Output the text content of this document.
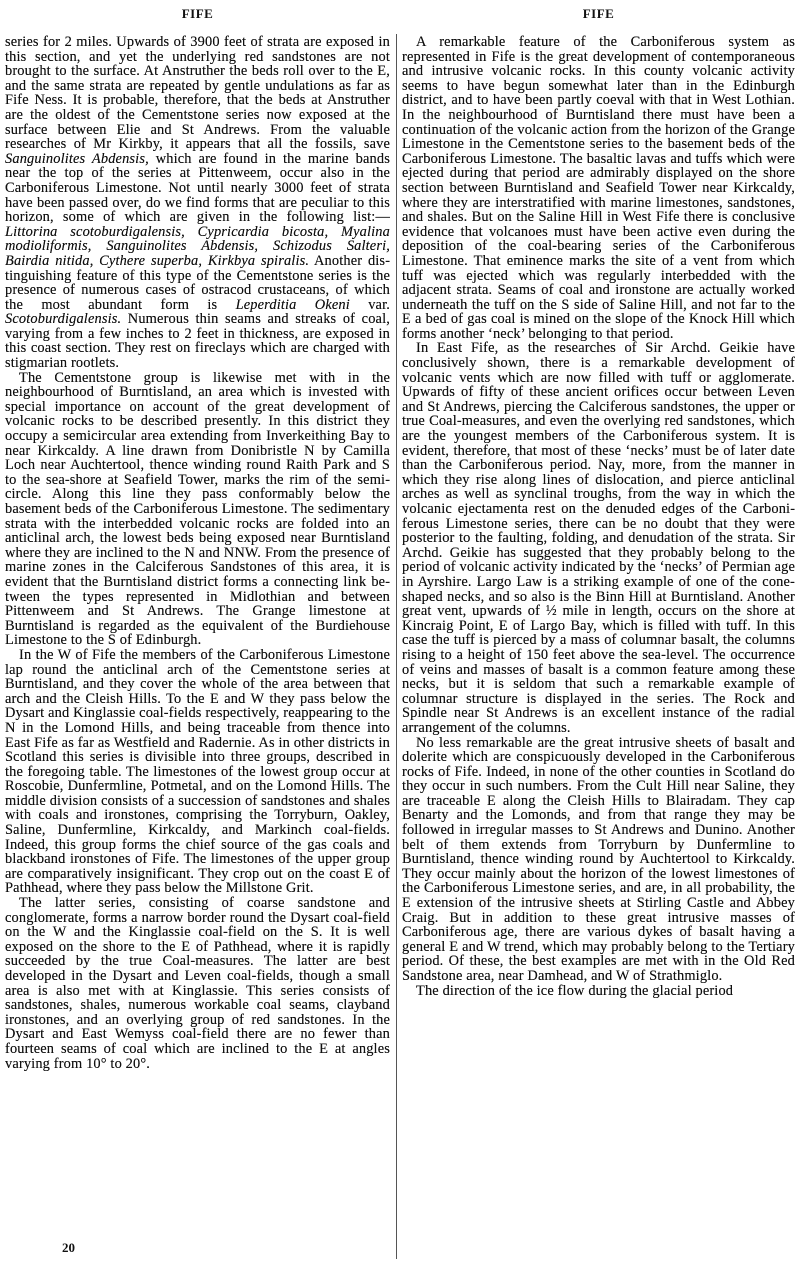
FIFE

series for 2 miles. Upwards of 3900 feet of strata are exposed in this section, and yet the underlying red sandstones are not brought to the surface. At Anstruther the beds roll over to the E, and the same strata are repeated by gentle undulations as far as Fife Ness. It is probable, therefore, that the beds at Anstruther are the oldest of the Cementstone series now exposed at the surface between Elie and St Andrews. From the valuable researches of Mr Kirkby, it appears that all the fossils, save Sanguinolites Abdensis, which are found in the marine bands near the top of the series at Pittenweem, occur also in the Carboniferous Limestone. Not until nearly 3000 feet of strata have been passed over, do we find forms that are peculiar to this horizon, some of which are given in the following list:—Littorina scotoburdigalensis, Cypricardia bicosta, Myalina modioliformis, Sanguinolites Abdensis, Schizodus Salteri, Bairdia nitida, Cythere superba, Kirkbya spiralis. Another distinguishing feature of this type of the Cementstone series is the presence of numerous cases of ostracod crustaceans, of which the most abundant form is Leperditia Okeni var. Scotoburdigalensis. Numerous thin seams and streaks of coal, varying from a few inches to 2 feet in thickness, are exposed in this coast section. They rest on fireclays which are charged with stigmarian rootlets.

The Cementstone group is likewise met with in the neighbourhood of Burntisland, an area which is invested with special importance on account of the great development of volcanic rocks to be described presently. In this district they occupy a semicircular area extending from Inverkeithing Bay to near Kirkcaldy. A line drawn from Donibristle N by Camilla Loch near Auchtertool, thence winding round Raith Park and S to the sea-shore at Seafield Tower, marks the rim of the semicircle. Along this line they pass conformably below the basement beds of the Carboniferous Limestone. The sedimentary strata with the interbedded volcanic rocks are folded into an anticlinal arch, the lowest beds being exposed near Burntisland where they are inclined to the N and NNW. From the presence of marine zones in the Calciferous Sandstones of this area, it is evident that the Burntisland district forms a connecting link between the types represented in Midlothian and between Pittenweem and St Andrews. The Grange limestone at Burntisland is regarded as the equivalent of the Burdiehouse Limestone to the S of Edinburgh.

In the W of Fife the members of the Carboniferous Limestone lap round the anticlinal arch of the Cementstone series at Burntisland, and they cover the whole of the area between that arch and the Cleish Hills. To the E and W they pass below the Dysart and Kinglassie coal-fields respectively, reappearing to the N in the Lomond Hills, and being traceable from thence into East Fife as far as Westfield and Radernie. As in other districts in Scotland this series is divisible into three groups, described in the foregoing table. The limestones of the lowest group occur at Roscobie, Dunfermline, Potmetal, and on the Lomond Hills. The middle division consists of a succession of sandstones and shales with coals and ironstones, comprising the Torryburn, Oakley, Saline, Dunfermline, Kirkcaldy, and Markinch coal-fields. Indeed, this group forms the chief source of the gas coals and blackband ironstones of Fife. The limestones of the upper group are comparatively insignificant. They crop out on the coast E of Pathhead, where they pass below the Millstone Grit.

The latter series, consisting of coarse sandstone and conglomerate, forms a narrow border round the Dysart coal-field on the W and the Kinglassie coal-field on the S. It is well exposed on the shore to the E of Pathhead, where it is rapidly succeeded by the true Coal-measures. The latter are best developed in the Dysart and Leven coal-fields, though a small area is also met with at Kinglassie. This series consists of sandstones, shales, numerous workable coal seams, clayband ironstones, and an overlying group of red sandstones. In the Dysart and East Wemyss coal-field there are no fewer than fourteen seams of coal which are inclined to the E at angles varying from 10° to 20°.

FIFE

A remarkable feature of the Carboniferous system as represented in Fife is the great development of contemporaneous and intrusive volcanic rocks. In this county volcanic activity seems to have begun somewhat later than in the Edinburgh district, and to have been partly coeval with that in West Lothian. In the neighbourhood of Burntisland there must have been a continuation of the volcanic action from the horizon of the Grange Limestone in the Cementstone series to the basement beds of the Carboniferous Limestone. The basaltic lavas and tuffs which were ejected during that period are admirably displayed on the shore section between Burntisland and Seafield Tower near Kirkcaldy, where they are interstratified with marine limestones, sandstones, and shales. But on the Saline Hill in West Fife there is conclusive evidence that volcanoes must have been active even during the deposition of the coal-bearing series of the Carboniferous Limestone. That eminence marks the site of a vent from which tuff was ejected which was regularly interbedded with the adjacent strata. Seams of coal and ironstone are actually worked underneath the tuff on the S side of Saline Hill, and not far to the E a bed of gas coal is mined on the slope of the Knock Hill which forms another ‘neck’ belonging to that period.

In East Fife, as the researches of Sir Archd. Geikie have conclusively shown, there is a remarkable development of volcanic vents which are now filled with tuff or agglomerate. Upwards of fifty of these ancient orifices occur between Leven and St Andrews, piercing the Calciferous sandstones, the upper or true Coal-measures, and even the overlying red sandstones, which are the youngest members of the Carboniferous system. It is evident, therefore, that most of these ‘necks’ must be of later date than the Carboniferous period. Nay, more, from the manner in which they rise along lines of dislocation, and pierce anticlinal arches as well as synclinal troughs, from the way in which the volcanic ejectamenta rest on the denuded edges of the Carboniferous Limestone series, there can be no doubt that they were posterior to the faulting, folding, and denudation of the strata. Sir Archd. Geikie has suggested that they probably belong to the period of volcanic activity indicated by the ‘necks’ of Permian age in Ayrshire. Largo Law is a striking example of one of the cone-shaped necks, and so also is the Binn Hill at Burntisland. Another great vent, upwards of ½ mile in length, occurs on the shore at Kincraig Point, E of Largo Bay, which is filled with tuff. In this case the tuff is pierced by a mass of columnar basalt, the columns rising to a height of 150 feet above the sea-level. The occurrence of veins and masses of basalt is a common feature among these necks, but it is seldom that such a remarkable example of columnar structure is displayed in the series. The Rock and Spindle near St Andrews is an excellent instance of the radial arrangement of the columns.

No less remarkable are the great intrusive sheets of basalt and dolerite which are conspicuously developed in the Carboniferous rocks of Fife. Indeed, in none of the other counties in Scotland do they occur in such numbers. From the Cult Hill near Saline, they are traceable E along the Cleish Hills to Blairadam. They cap Benarty and the Lomonds, and from that range they may be followed in irregular masses to St Andrews and Dunino. Another belt of them extends from Torryburn by Dunfermline to Burntisland, thence winding round by Auchtertool to Kirkcaldy. They occur mainly about the horizon of the lowest limestones of the Carboniferous Limestone series, and are, in all probability, the E extension of the intrusive sheets at Stirling Castle and Abbey Craig. But in addition to these great intrusive masses of Carboniferous age, there are various dykes of basalt having a general E and W trend, which may probably belong to the Tertiary period. Of these, the best examples are met with in the Old Red Sandstone area, near Damhead, and W of Strathmiglo.

The direction of the ice flow during the glacial period

20
